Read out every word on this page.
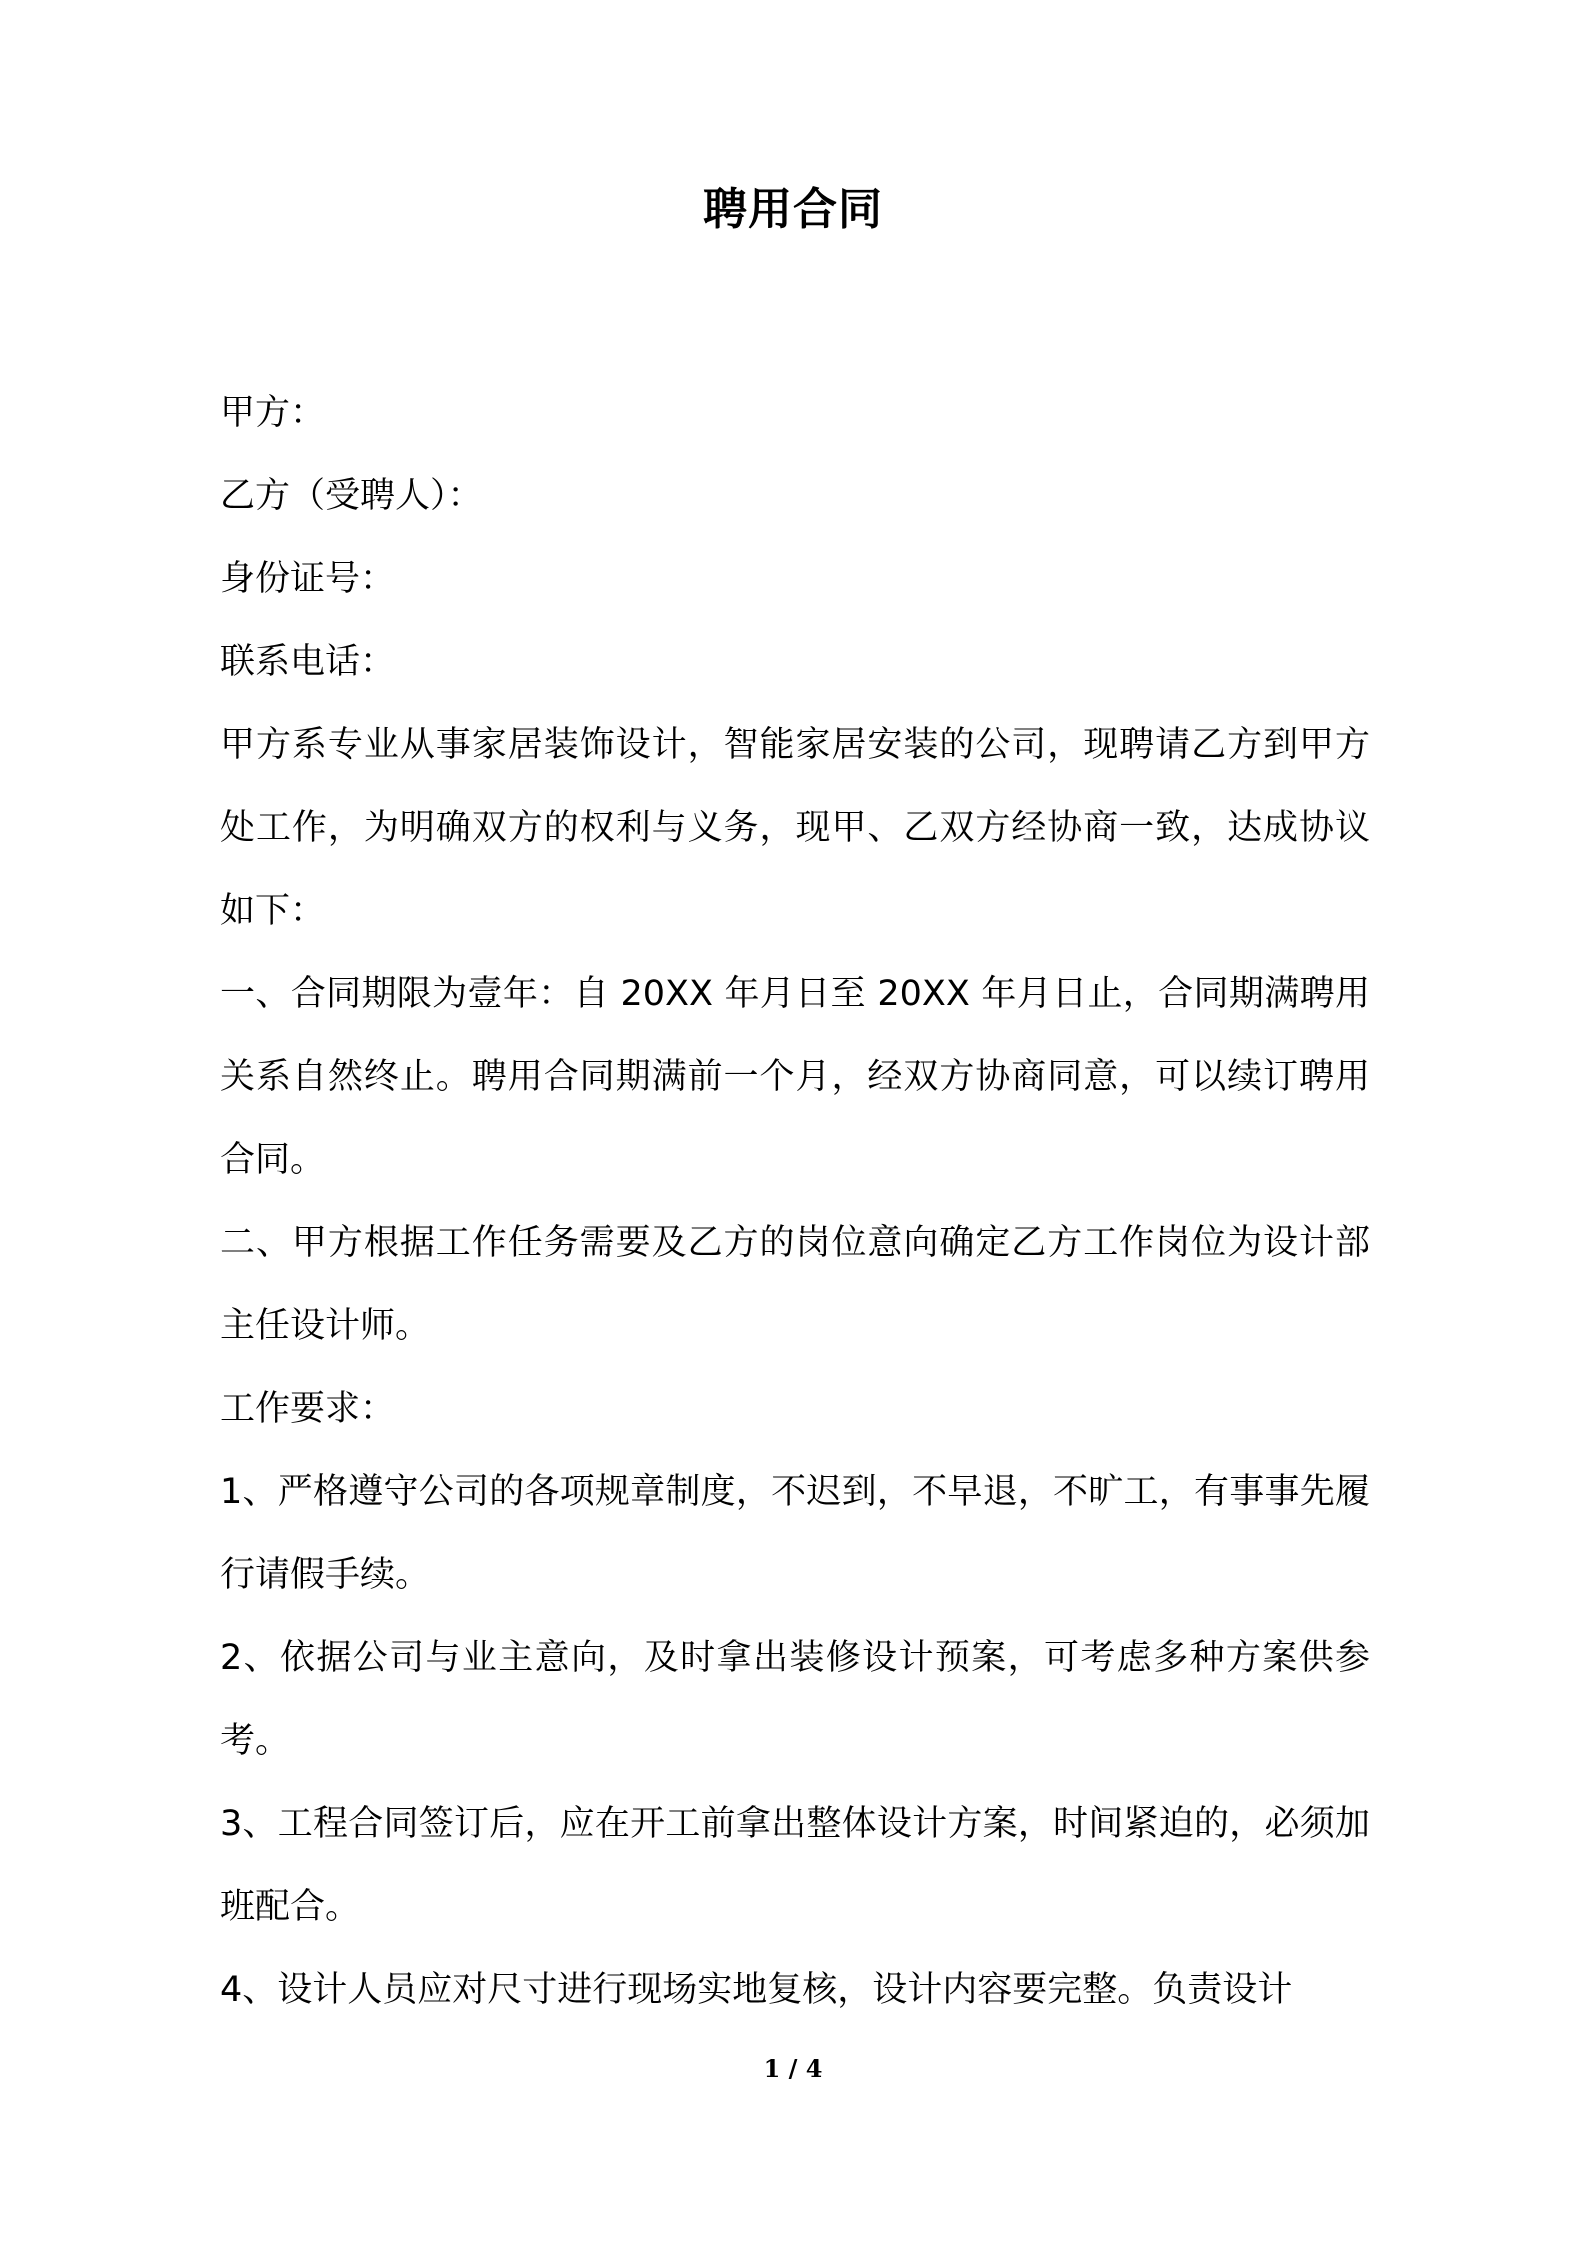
聘用合同

甲方：

乙方（受聘人）：

身份证号：

联系电话：

甲方系专业从事家居装饰设计，智能家居安装的公司，现聘请乙方到甲方处工作，为明确双方的权利与义务，现甲、乙双方经协商一致，达成协议如下：

一、合同期限为壹年：自 20XX 年月日至 20XX 年月日止，合同期满聘用关系自然终止。聘用合同期满前一个月，经双方协商同意，可以续订聘用合同。

二、甲方根据工作任务需要及乙方的岗位意向确定乙方工作岗位为设计部主任设计师。

工作要求：

1、严格遵守公司的各项规章制度，不迟到，不早退，不旷工，有事事先履行请假手续。

2、依据公司与业主意向，及时拿出装修设计预案，可考虑多种方案供参考。

3、工程合同签订后，应在开工前拿出整体设计方案，时间紧迫的，必须加班配合。

4、设计人员应对尺寸进行现场实地复核，设计内容要完整。负责设计

1 / 4
